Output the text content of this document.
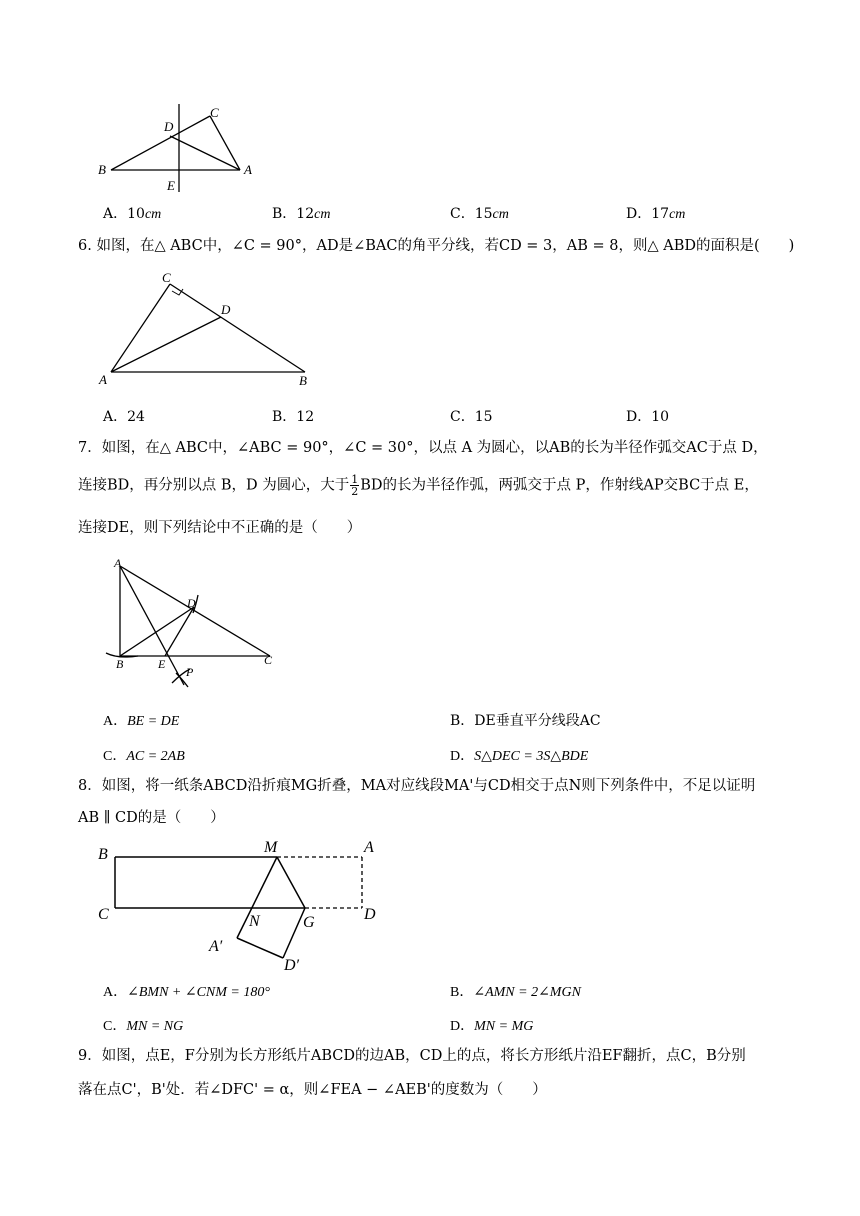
B
D
C
A
E
A．10cm	B．12cm	C．15cm	D．17cm
6. 如图，在△ ABC中，∠C = 90°，AD是∠BAC的角平分线，若CD = 3，AB = 8，则△ ABD的面积是(　　)
C
D
A	B
A．24	B．12	C．15	D．10
7．如图，在△ ABC中，∠ABC = 90°，∠C = 30°，以点 A 为圆心，以AB的长为半径作弧交AC于点 D，
连接BD，再分别以点 B，D 为圆心，大于 $\frac{1}{2}$ BD的长为半径作弧，两弧交于点 P，作射线AP交BC于点 E，
连接DE，则下列结论中不正确的是（　　）
A
D
B	E	C
P
A．BE = DE	B．DE垂直平分线段AC
C．AC = 2AB	D．S△DEC = 3S△BDE
8．如图，将一纸条ABCD沿折痕MG折叠，MA对应线段MA'与CD相交于点N则下列条件中，不足以证明
AB ∥ CD的是（　　）
B	M	A
C	N	G	D
A′
D′
A．∠BMN + ∠CNM = 180°	B．∠AMN = 2∠MGN
C．MN = NG	D．MN = MG
9．如图，点E，F分别为长方形纸片ABCD的边AB，CD上的点，将长方形纸片沿EF翻折，点C，B分别
落在点C'，B'处．若∠DFC' = α，则∠FEA − ∠AEB'的度数为（　　）
